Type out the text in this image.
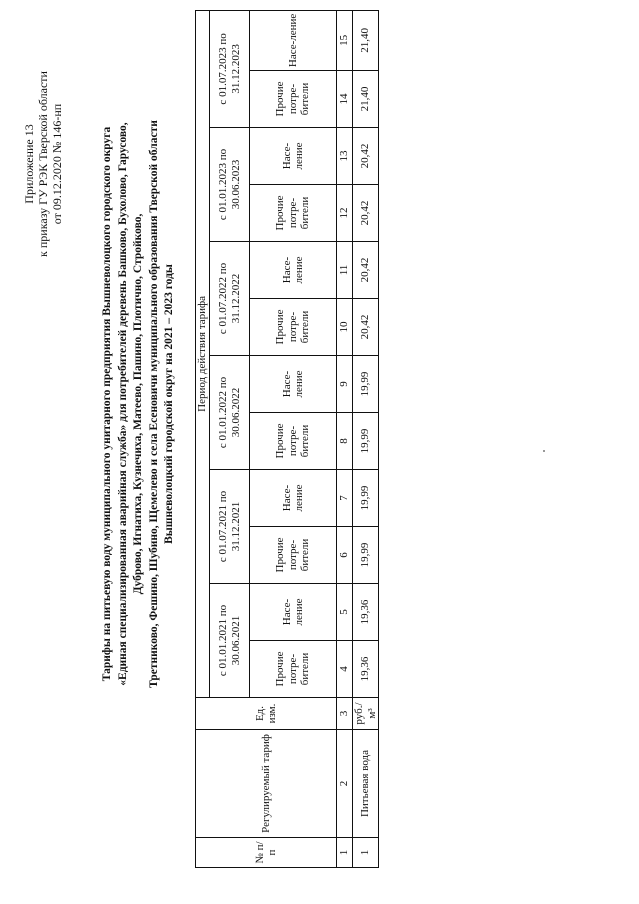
Приложение 13 к приказу ГУ РЭК Тверской области от 09.12.2020 № 146-нп	Тарифы на питьевую воду муниципального унитарного предприятия Вышневолоцкого городского округа «Единая специализированная аварийная служба» для потребителей деревень Башково, Бухолово, Гарусово, Дуброво, Игнатиха, Кузнечиха, Матеево, Пашино, Плотично, Стройково, Третниково, Фешино, Шубино, Щемелево и села Есеновичи муниципального образования Тверской области Вышневолоцкий городской округ на 2021 – 2023 годы
№ п/п	Регулируемый тариф	Ед. изм.	Период действия тарифа											
			с 01.01.2021 по 30.06.2021		с 01.07.2021 по 31.12.2021		с 01.01.2022 по 30.06.2022		с 01.07.2022 по 31.12.2022		с 01.01.2023 по 30.06.2023		с 01.07.2023 по 31.12.2023	
			Прочие потре-бители	Насе-ление	Прочие потре-бители	Насе-ление	Прочие потре-бители	Насе-ление	Прочие потре-бители	Насе-ление	Прочие потре-бители	Насе-ление	Прочие потре-бители	Насе-ление
1	2	3	4	5	6	7	8	9	10	11	12	13	14	15
1	Питьевая вода	руб./м³	19,36	19,36	19,99	19,99	19,99	19,99	20,42	20,42	20,42	20,42	21,40	21,40
